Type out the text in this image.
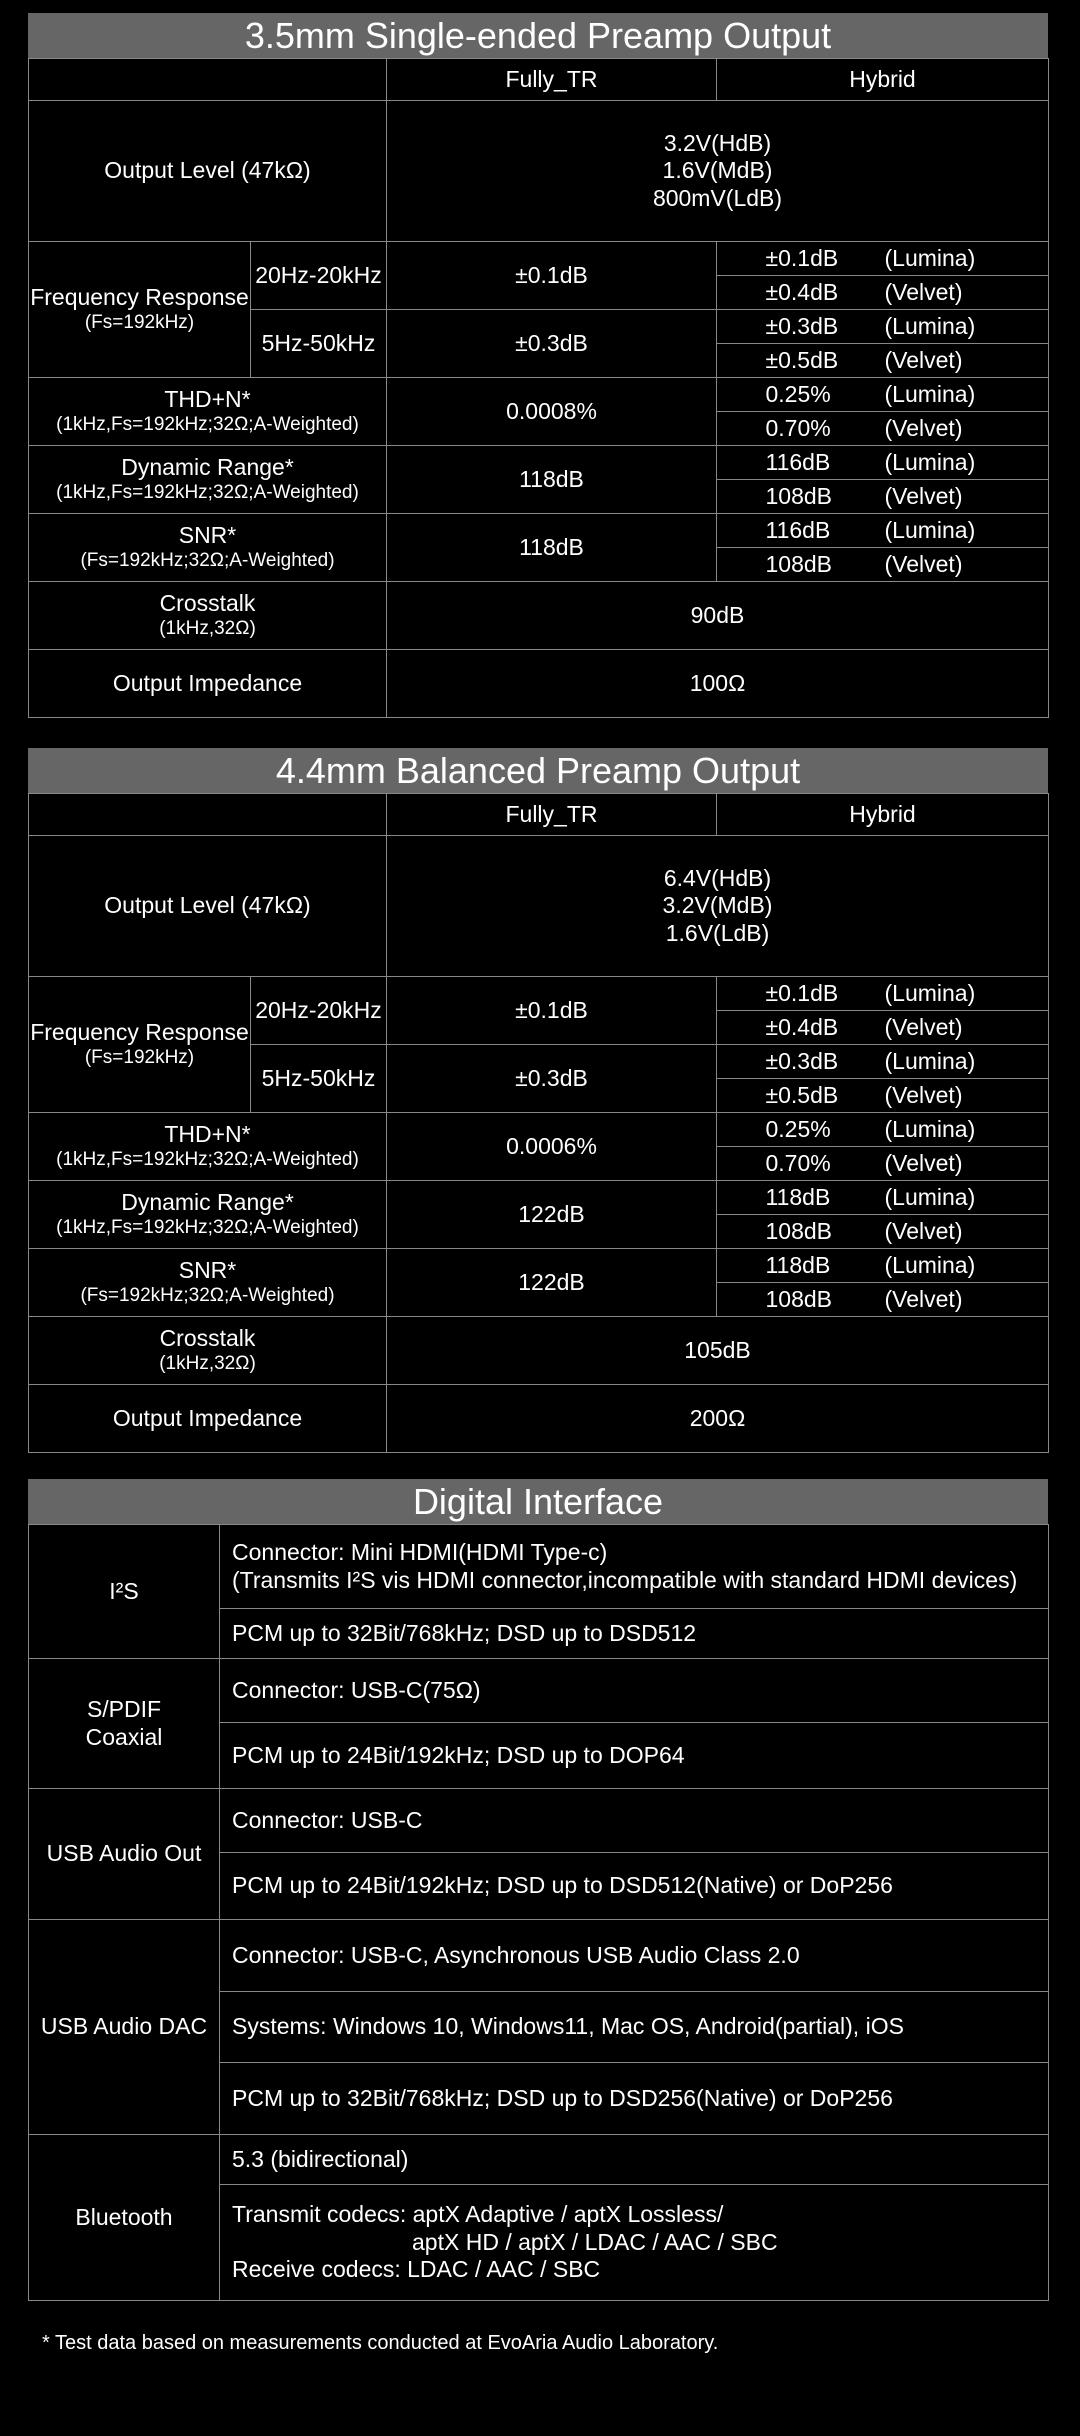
3.5mm Single-ended Preamp Output
		Fully_TR	Hybrid
Output Level (47kΩ)		3.2V(HdB)
1.6V(MdB)
800mV(LdB)	

Frequency Response
(Fs=192kHz)	20Hz-20kHz	±0.1dB	±0.1dB (Lumina)

			±0.4dB (Velvet)

	5Hz-50kHz	±0.3dB	±0.3dB (Lumina)

			±0.5dB (Velvet)

THD+N*
(1kHz,Fs=192kHz;32Ω;A-Weighted)		0.0008%	0.25% (Lumina)

			0.70% (Velvet)

Dynamic Range*
(1kHz,Fs=192kHz;32Ω;A-Weighted)		118dB	116dB (Lumina)

			108dB (Velvet)

SNR*
(Fs=192kHz;32Ω;A-Weighted)		118dB	116dB (Lumina)

			108dB (Velvet)

Crosstalk
(1kHz,32Ω)		90dB	
Output Impedance		100Ω	
4.4mm Balanced Preamp Output
		Fully_TR	Hybrid
Output Level (47kΩ)		6.4V(HdB)
3.2V(MdB)
1.6V(LdB)	

Frequency Response
(Fs=192kHz)	20Hz-20kHz	±0.1dB	±0.1dB (Lumina)

			±0.4dB (Velvet)

	5Hz-50kHz	±0.3dB	±0.3dB (Lumina)

			±0.5dB (Velvet)

THD+N*
(1kHz,Fs=192kHz;32Ω;A-Weighted)		0.0006%	0.25% (Lumina)

			0.70% (Velvet)

Dynamic Range*
(1kHz,Fs=192kHz;32Ω;A-Weighted)		122dB	118dB (Lumina)

			108dB (Velvet)

SNR*
(Fs=192kHz;32Ω;A-Weighted)		122dB	118dB (Lumina)

			108dB (Velvet)

Crosstalk
(1kHz,32Ω)		105dB	
Output Impedance		200Ω	
Digital Interface
I²S	Connector: Mini HDMI(HDMI Type-c)
(Transmits I²S vis HDMI connector,incompatible with standard HDMI devices)

	PCM up to 32Bit/768kHz; DSD up to DSD512

S/PDIF
Coaxial	Connector: USB-C(75Ω)
	PCM up to 24Bit/192kHz; DSD up to DOP64
USB Audio Out	Connector: USB-C
	PCM up to 24Bit/192kHz; DSD up to DSD512(Native) or DoP256
USB Audio DAC	Connector: USB-C, Asynchronous USB Audio Class 2.0
	Systems: Windows 10, Windows11, Mac OS, Android(partial), iOS
	PCM up to 32Bit/768kHz; DSD up to DSD256(Native) or DoP256
Bluetooth	5.3 (bidirectional)

	Transmit codecs: aptX Adaptive / aptX Lossless/
aptX HD / aptX / LDAC / AAC / SBC
Receive codecs: LDAC / AAC / SBC
* Test data based on measurements conducted at EvoAria Audio Laboratory.
